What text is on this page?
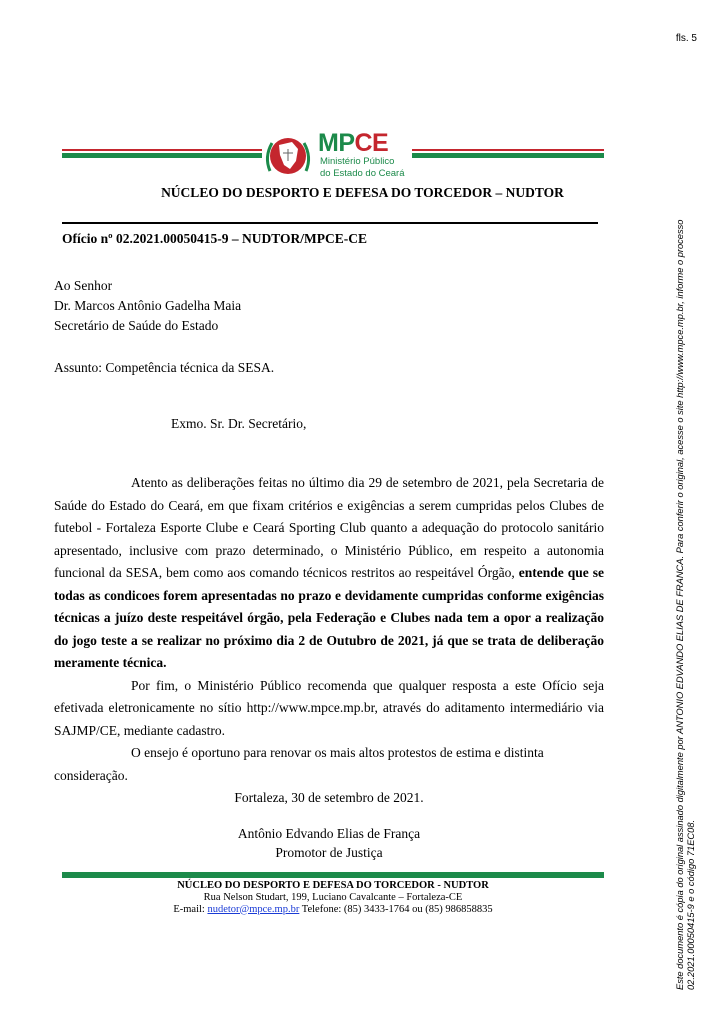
fls. 5
MPCE
Ministério Público
do Estado do Ceará
NÚCLEO DO DESPORTO E DEFESA DO TORCEDOR – NUDTOR
Ofício nº 02.2021.00050415-9 – NUDTOR/MPCE-CE
Ao Senhor
Dr. Marcos Antônio Gadelha Maia
Secretário de Saúde do Estado
Assunto: Competência técnica da SESA.
Exmo. Sr. Dr. Secretário,

Atento as deliberações feitas no último dia 29 de setembro de 2021, pela Secretaria de Saúde do Estado do Ceará, em que fixam critérios e exigências a serem cumpridas pelos Clubes de futebol - Fortaleza Esporte Clube e Ceará Sporting Club quanto a adequação do protocolo sanitário apresentado, inclusive com prazo determinado, o Ministério Público, em respeito a autonomia funcional da SESA, bem como aos comando técnicos restritos ao respeitável Órgão, entende que se todas as condicoes forem apresentadas no prazo e devidamente cumpridas conforme exigências técnicas a juízo deste respeitável órgão, pela Federação e Clubes nada tem a opor a realização do jogo teste a se realizar no próximo dia 2 de Outubro de 2021, já que se trata de deliberação meramente técnica.

Por fim, o Ministério Público recomenda que qualquer resposta a este Ofício seja efetivada eletronicamente no sítio http://www.mpce.mp.br, através do aditamento intermediário via SAJMP/CE, mediante cadastro.

O ensejo é oportuno para renovar os mais altos protestos de estima e distinta consideração.
Fortaleza, 30 de setembro de 2021.
Antônio Edvando Elias de França
Promotor de Justiça
NÚCLEO DO DESPORTO E DEFESA DO TORCEDOR - NUDTOR
Rua Nelson Studart, 199, Luciano Cavalcante – Fortaleza-CE
E-mail: nudetor@mpce.mp.br Telefone: (85) 3433-1764 ou (85) 986858835	Este documento é cópia do original assinado digitalmente por ANTONIO EDVANDO ELIAS DE FRANCA. Para conferir o original, acesse o site http://www.mpce.mp.br, informe o processo 02.2021.00050415-9 e o código 71EC08.
